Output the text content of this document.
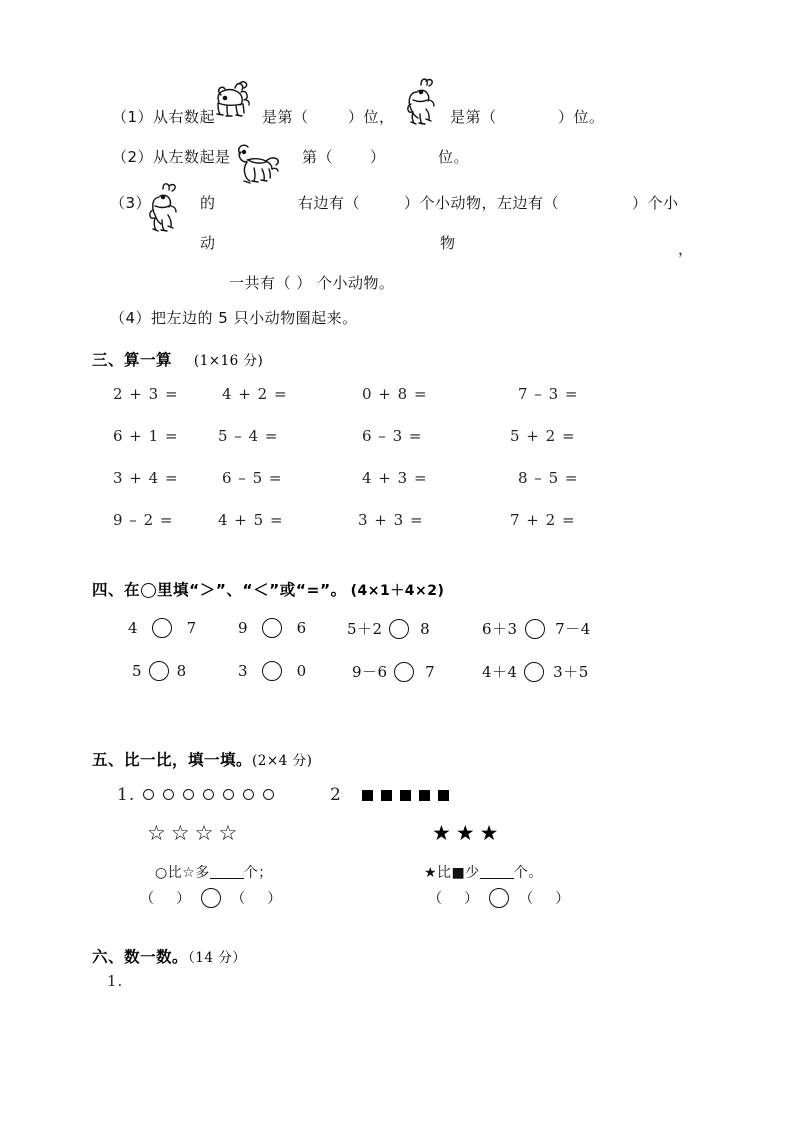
（1）从右数起	是第（	）位，	是第（	）位。
（2）从左数起是	第（ ）	位。
（3）	的	右边有（	）个小动物，左边有（	）个小
动	物	，
一共有（ ） 个小动物。
（4）把左边的 5 只小动物圈起来。
三、算一算 (1×16 分)
2 + 3 =	4 + 2 =	0 + 8 =	7 – 3 =
6 + 1 =	5 – 4 =	6 – 3 =	5 + 2 =
3 + 4 =	6 – 5 =	4 + 3 =	8 – 5 =
9 – 2 =	4 + 5 =	3 + 3 =	7 + 2 =
四、在 里填“＞”、“＜”或“=”。 (4×1＋4×2)
4	7	9	6	5＋2	8	6＋3	7－4
5 8	3	0	9－6	7	4＋4 3＋5
五、比一比，填一填。(2×4 分)
1.
☆ ☆ ☆ ☆
○比☆多 个；
（     ）	（     ）
2
★ ★ ★
★比■少 个。
（     ）	（     ）
六、数一数。（14 分）
1.
